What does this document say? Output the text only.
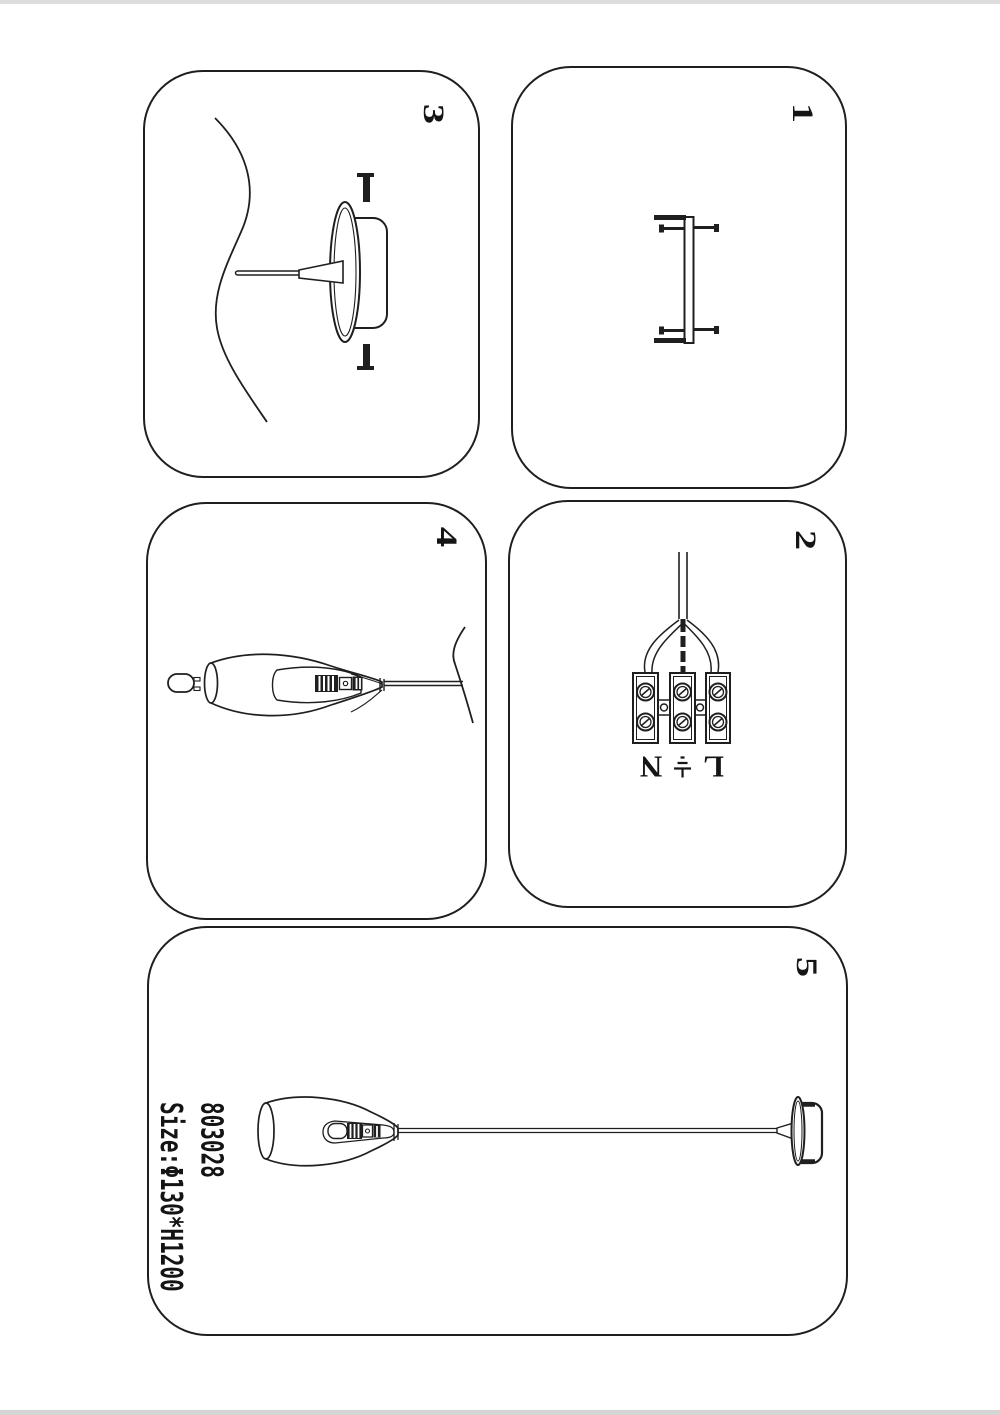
1
2
3
4
5
L
N
803028
Size:Φ130*H1200
